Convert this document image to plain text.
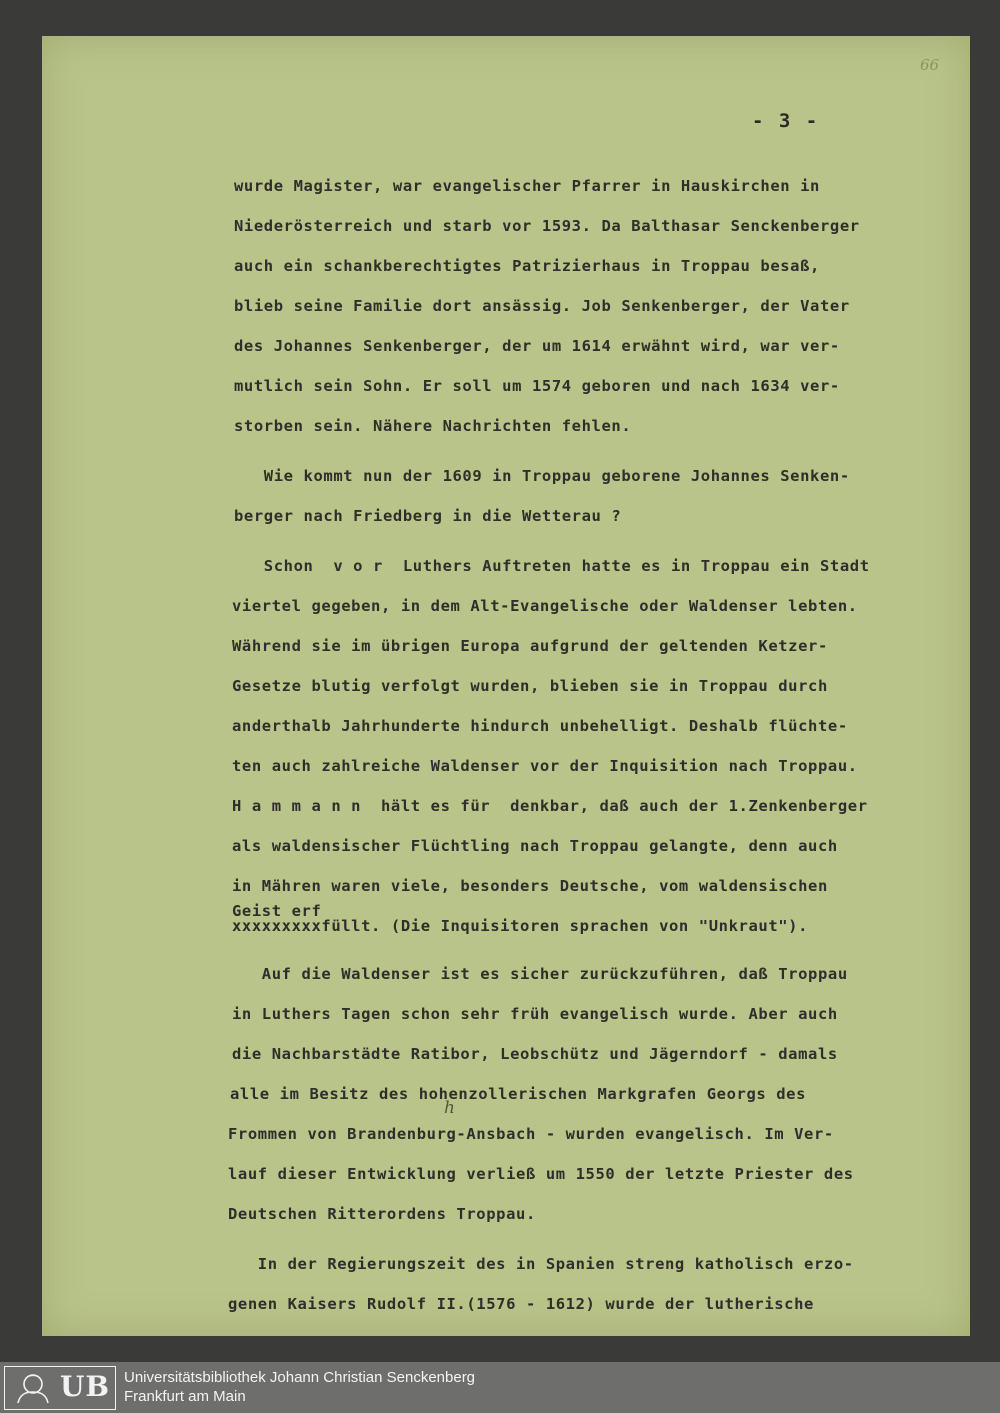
66
- 3 -
wurde Magister, war evangelischer Pfarrer in Hauskirchen in
Niederösterreich und starb vor 1593. Da Balthasar Senckenberger
auch ein schankberechtigtes Patrizierhaus in Troppau besaß,
blieb seine Familie dort ansässig. Job Senkenberger, der Vater
des Johannes Senkenberger, der um 1614 erwähnt wird, war ver-
mutlich sein Sohn. Er soll um 1574 geboren und nach 1634 ver-
storben sein. Nähere Nachrichten fehlen.
Wie kommt nun der 1609 in Troppau geborene Johannes Senken-
berger nach Friedberg in die Wetterau ?
Schon  v o r  Luthers Auftreten hatte es in Troppau ein Stadt
viertel gegeben, in dem Alt-Evangelische oder Waldenser lebten.
Während sie im übrigen Europa aufgrund der geltenden Ketzer-
Gesetze blutig verfolgt wurden, blieben sie in Troppau durch
anderthalb Jahrhunderte hindurch unbehelligt. Deshalb flüchte-
ten auch zahlreiche Waldenser vor der Inquisition nach Troppau.
H a m m a n n  hält es für  denkbar, daß auch der 1.Zenkenberger
als waldensischer Flüchtling nach Troppau gelangte, denn auch
in Mähren waren viele, besonders Deutsche, vom waldensischen
Geist erf
xxxxxxxxxfüllt. (Die Inquisitoren sprachen von "Unkraut").
Auf die Waldenser ist es sicher zurückzuführen, daß Troppau
in Luthers Tagen schon sehr früh evangelisch wurde. Aber auch
die Nachbarstädte Ratibor, Leobschütz und Jägerndorf - damals
alle im Besitz des hohenzollerischen Markgrafen Georgs des
h
Frommen von Brandenburg-Ansbach - wurden evangelisch. Im Ver-
lauf dieser Entwicklung verließ um 1550 der letzte Priester des
Deutschen Ritterordens Troppau.
In der Regierungszeit des in Spanien streng katholisch erzo-
genen Kaisers Rudolf II.(1576 - 1612) wurde der lutherische
UB Universitätsbibliothek Johann Christian Senckenberg
Frankfurt am Main
